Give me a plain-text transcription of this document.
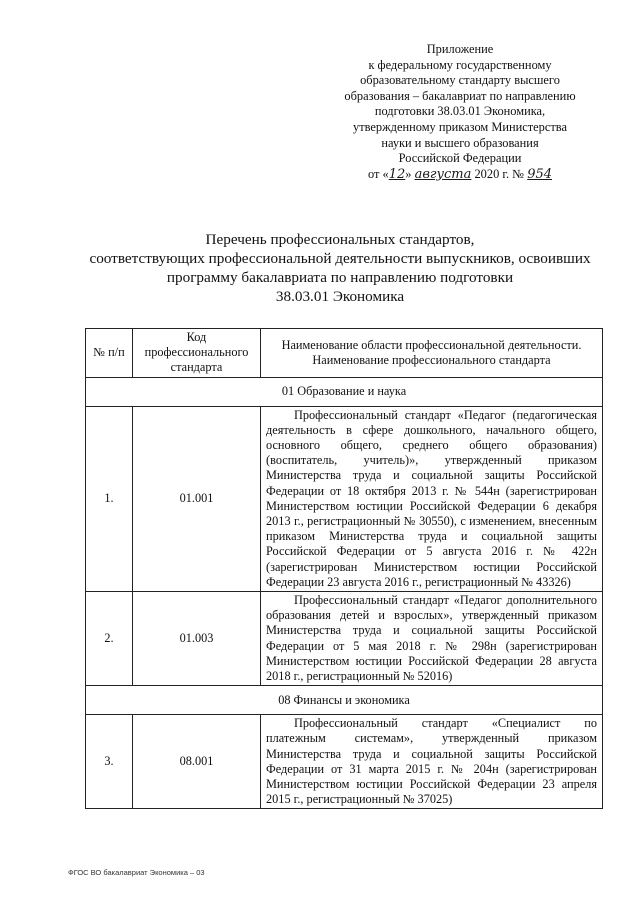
Приложение
к федеральному государственному
образовательному стандарту высшего
образования – бакалавриат по направлению
подготовки 38.03.01 Экономика,
утвержденному приказом Министерства
науки и высшего образования
Российской Федерации
от «12» августа 2020 г. № 954
Перечень профессиональных стандартов,
соответствующих профессиональной деятельности выпускников, освоивших
программу бакалавриата по направлению подготовки
38.03.01 Экономика
№ п/п	Код профессионального стандарта	Наименование области профессиональной деятельности. Наименование профессионального стандарта
01 Образование и наука		
1.	01.001	Профессиональный стандарт «Педагог (педагогическая деятельность в сфере дошкольного, начального общего, основного общего, среднего общего образования) (воспитатель, учитель)», утвержденный приказом Министерства труда и социальной защиты Российской Федерации от 18 октября 2013 г. № 544н (зарегистрирован Министерством юстиции Российской Федерации 6 декабря 2013 г., регистрационный № 30550), с изменением, внесенным приказом Министерства труда и социальной защиты Российской Федерации от 5 августа 2016 г. № 422н (зарегистрирован Министерством юстиции Российской Федерации 23 августа 2016 г., регистрационный № 43326)

2.	01.003	Профессиональный стандарт «Педагог дополнительного образования детей и взрослых», утвержденный приказом Министерства труда и социальной защиты Российской Федерации от 5 мая 2018 г. № 298н (зарегистрирован Министерством юстиции Российской Федерации 28 августа 2018 г., регистрационный № 52016)

08 Финансы и экономика		
3.	08.001	Профессиональный стандарт «Специалист по платежным системам», утвержденный приказом Министерства труда и социальной защиты Российской Федерации от 31 марта 2015 г. № 204н (зарегистрирован Министерством юстиции Российской Федерации 23 апреля 2015 г., регистрационный № 37025)
ФГОС ВО бакалавриат Экономика – 03
